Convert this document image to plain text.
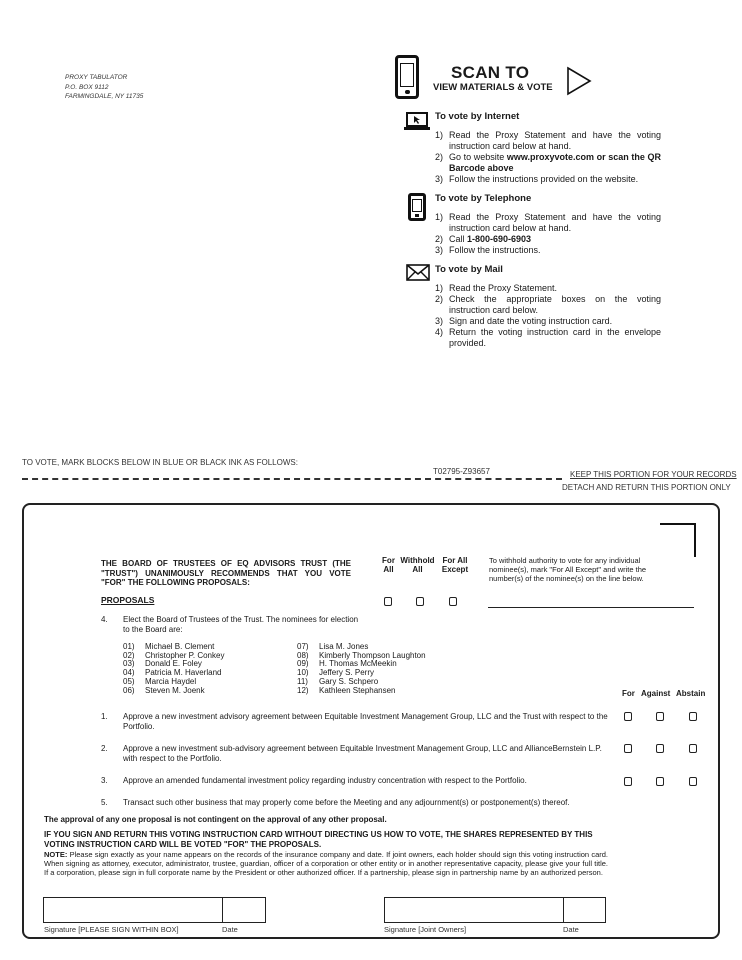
PROXY TABULATOR
P.O. BOX 9112
FARMINGDALE, NY 11735
SCAN TO
VIEW MATERIALS & VOTE
To vote by Internet
1) Read the Proxy Statement and have the voting instruction card below at hand.
2) Go to website www.proxyvote.com or scan the QR Barcode above
3) Follow the instructions provided on the website.
To vote by Telephone
1) Read the Proxy Statement and have the voting instruction card below at hand.
2) Call 1-800-690-6903
3) Follow the instructions.
To vote by Mail
1) Read the Proxy Statement.
2) Check the appropriate boxes on the voting instruction card below.
3) Sign and date the voting instruction card.
4) Return the voting instruction card in the envelope provided.
TO VOTE, MARK BLOCKS BELOW IN BLUE OR BLACK INK AS FOLLOWS:
T02795-Z93657	KEEP THIS PORTION FOR YOUR RECORDS
DETACH AND RETURN THIS PORTION ONLY
THE BOARD OF TRUSTEES OF EQ ADVISORS TRUST (THE "TRUST") UNANIMOUSLY RECOMMENDS THAT YOU VOTE "FOR" THE FOLLOWING PROPOSALS:
For All
Withhold All
For All Except
To withhold authority to vote for any individual nominee(s), mark "For All Except" and write the number(s) of the nominee(s) on the line below.
PROPOSALS
4. Elect the Board of Trustees of the Trust. The nominees for election to the Board are:
01) Michael B. Clement
02) Christopher P. Conkey
03) Donald E. Foley
04) Patricia M. Haverland
05) Marcia Haydel
06) Steven M. Joenk
07) Lisa M. Jones
08) Kimberly Thompson Laughton
09) H. Thomas McMeekin
10) Jeffery S. Perry
11) Gary S. Schpero
12) Kathleen Stephansen	For Against Abstain
1. Approve a new investment advisory agreement between Equitable Investment Management Group, LLC and the Trust with respect to the Portfolio.
2. Approve a new investment sub-advisory agreement between Equitable Investment Management Group, LLC and AllianceBernstein L.P. with respect to the Portfolio.
3. Approve an amended fundamental investment policy regarding industry concentration with respect to the Portfolio.
5. Transact such other business that may properly come before the Meeting and any adjournment(s) or postponement(s) thereof.
The approval of any one proposal is not contingent on the approval of any other proposal.
IF YOU SIGN AND RETURN THIS VOTING INSTRUCTION CARD WITHOUT DIRECTING US HOW TO VOTE, THE SHARES REPRESENTED BY THIS VOTING INSTRUCTION CARD WILL BE VOTED "FOR" THE PROPOSALS.
NOTE: Please sign exactly as your name appears on the records of the insurance company and date. If joint owners, each holder should sign this voting instruction card. When signing as attorney, executor, administrator, trustee, guardian, officer of a corporation or other entity or in another representative capacity, please give your full title. If a corporation, please sign in full corporate name by the President or other authorized officer. If a partnership, please sign in partnership name by an authorized person.
Signature [PLEASE SIGN WITHIN BOX]	Date	Signature [Joint Owners]	Date
